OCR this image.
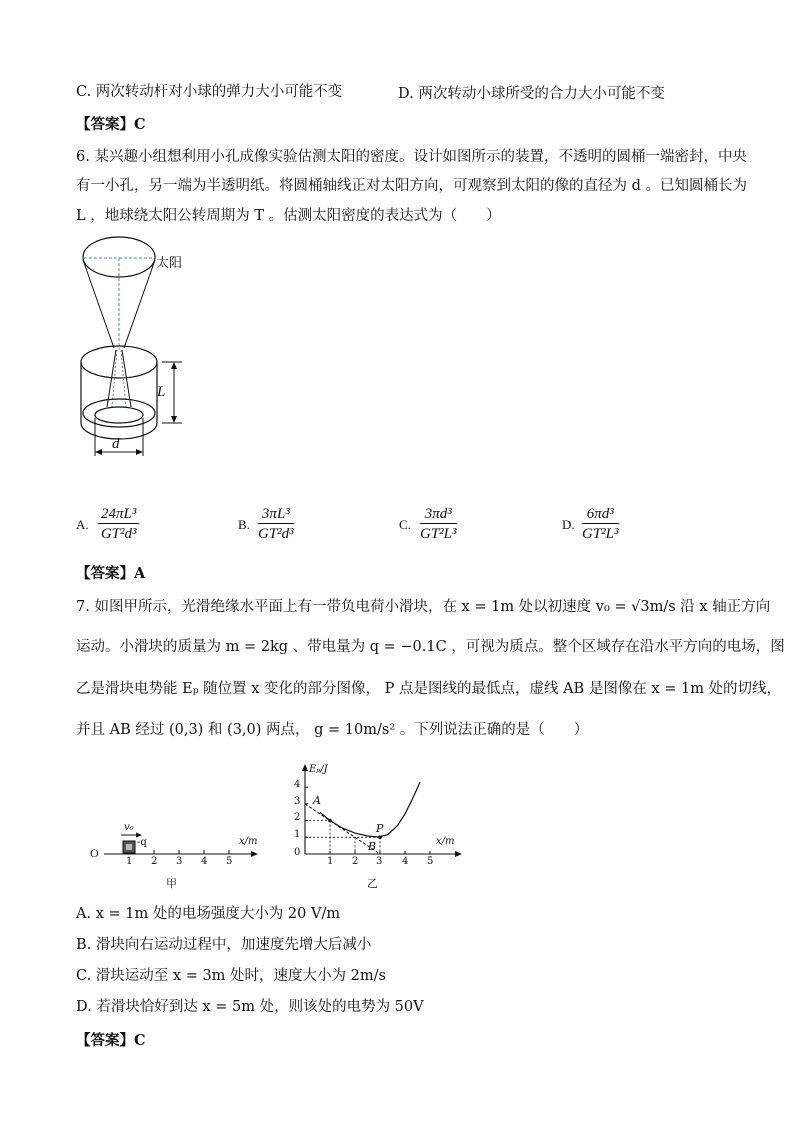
C. 两次转动杆对小球的弹力大小可能不变	D. 两次转动小球所受的合力大小可能不变
【答案】C
6. 某兴趣小组想利用小孔成像实验估测太阳的密度。设计如图所示的装置，不透明的圆桶一端密封，中央
有一小孔，另一端为半透明纸。将圆桶轴线正对太阳方向，可观察到太阳的像的直径为 d 。已知圆桶长为
L ，地球绕太阳公转周期为 T 。估测太阳密度的表达式为（　　）
太阳
L
d
A. $\frac{\text{24πL³}}{\text{GT²d³}}$	B. $\frac{\text{3πL³}}{\text{GT²d³}}$	C. $\frac{\text{3πd³}}{\text{GT²L³}}$	D. $\frac{\text{6πd³}}{\text{GT²L³}}$
【答案】A
7. 如图甲所示，光滑绝缘水平面上有一带负电荷小滑块，在 x = 1m 处以初速度 v₀ = √3m/s 沿 x 轴正方向
运动。小滑块的质量为 m = 2kg 、带电量为 q = −0.1C ，可视为质点。整个区域存在沿水平方向的电场，图
乙是滑块电势能 Eₚ 随位置 x 变化的部分图像， P 点是图线的最低点，虚线 AB 是图像在 x = 1m 处的切线，
并且 AB 经过 (0,3) 和 (3,0) 两点， g = 10m/s² 。下列说法正确的是（　　）
O
v₀
-q	x/m
1 2 3 4 5
甲
Eₚ/J
x/m
0
1
2
3
4
1 2 3 4 5
A
P
B
乙
A. x = 1m 处的电场强度大小为 20 V/m
B. 滑块向右运动过程中，加速度先增大后减小
C. 滑块运动至 x = 3m 处时，速度大小为 2m/s
D. 若滑块恰好到达 x = 5m 处，则该处的电势为 50V
【答案】C
